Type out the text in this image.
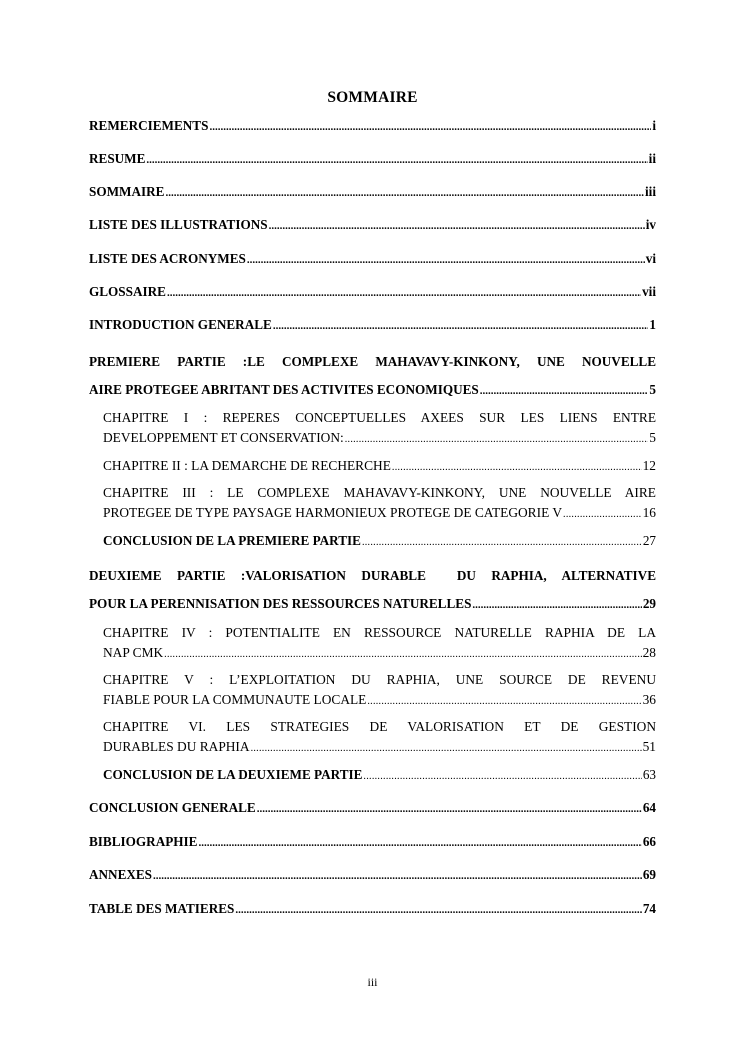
SOMMAIRE
REMERCIEMENTS .....	i
RESUME .....	ii
SOMMAIRE .....	iii
LISTE DES ILLUSTRATIONS .....	iv
LISTE DES ACRONYMES .....	vi
GLOSSAIRE .....	vii
INTRODUCTION GENERALE .....	1
PREMIERE PARTIE :LE COMPLEXE MAHAVAVY-KINKONY, UNE NOUVELLE
AIRE PROTEGEE ABRITANT DES ACTIVITES ECONOMIQUES .....	5
CHAPITRE I : REPERES CONCEPTUELLES AXEES SUR LES LIENS ENTRE
DEVELOPPEMENT ET CONSERVATION: .....	5
CHAPITRE II : LA DEMARCHE DE RECHERCHE .....	12
CHAPITRE III : LE COMPLEXE MAHAVAVY-KINKONY, UNE NOUVELLE AIRE
PROTEGEE DE TYPE PAYSAGE HARMONIEUX PROTEGE DE CATEGORIE V .....	16
CONCLUSION DE LA PREMIERE PARTIE .....	27
DEUXIEME PARTIE :VALORISATION DURABLE  DU RAPHIA, ALTERNATIVE
POUR LA PERENNISATION DES RESSOURCES NATURELLES .....	29
CHAPITRE IV : POTENTIALITE EN RESSOURCE NATURELLE RAPHIA DE LA
NAP CMK .....	28
CHAPITRE V : L’EXPLOITATION DU RAPHIA, UNE SOURCE DE REVENU
FIABLE POUR LA COMMUNAUTE LOCALE .....	36
CHAPITRE VI. LES STRATEGIES DE VALORISATION ET DE GESTION
DURABLES DU RAPHIA .....	51
CONCLUSION DE LA DEUXIEME PARTIE .....	63
CONCLUSION GENERALE .....	64
BIBLIOGRAPHIE .....	66
ANNEXES .....	69
TABLE DES MATIERES .....	74
iii
